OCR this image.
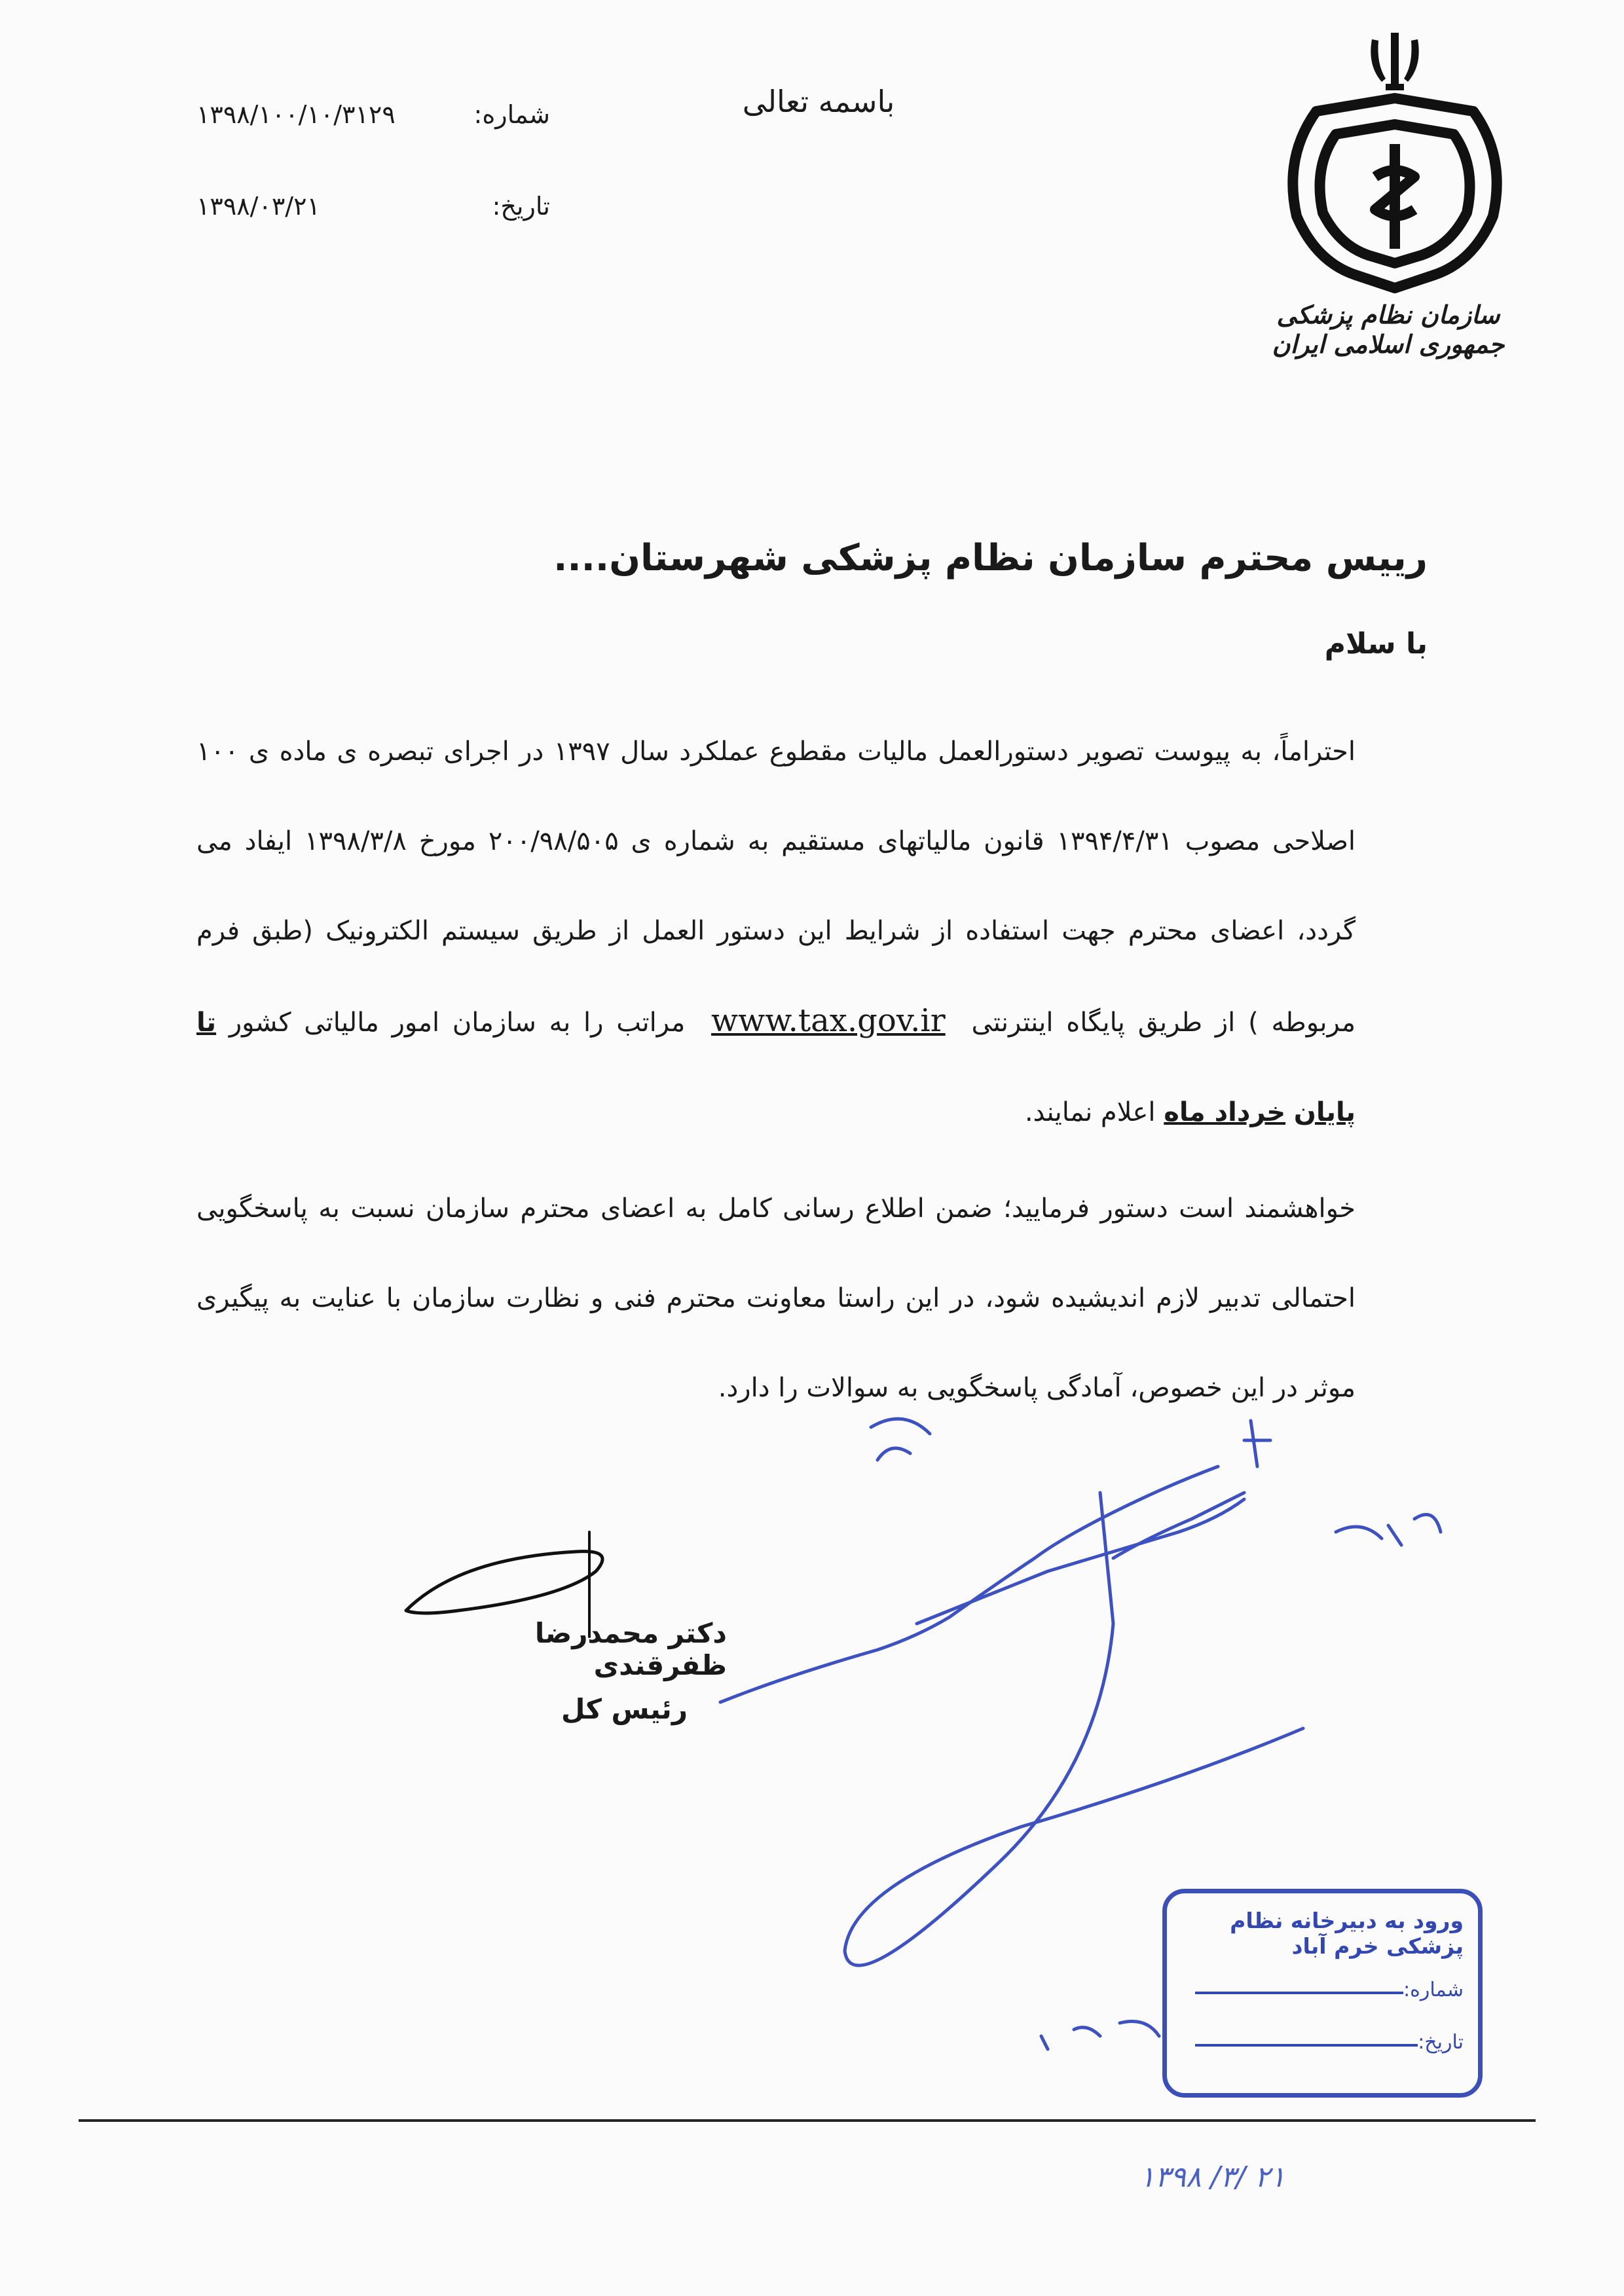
باسمه تعالی
۱۳۹۸/۱۰۰/۱۰/۳۱۲۹	شماره:
۱۳۹۸/۰۳/۲۱	تاریخ:
سازمان نظام پزشکی جمهوری اسلامی ایران
رییس محترم سازمان نظام پزشکی شهرستان....
با سلام

احتراماً، به پیوست تصویر دستورالعمل مالیات مقطوع عملکرد سال ۱۳۹۷ در اجرای تبصره ی ماده ی ۱۰۰ اصلاحی مصوب ۱۳۹۴/۴/۳۱ قانون مالیاتهای مستقیم به شماره ی ۲۰۰/۹۸/۵۰۵ مورخ ۱۳۹۸/۳/۸ ایفاد می گردد، اعضای محترم جهت استفاده از شرایط این دستور العمل از طریق سیستم الکترونیک (طبق فرم مربوطه ) از طریق پایگاه اینترنتی www.tax.gov.ir مراتب را به سازمان امور مالیاتی کشور تا پایان خرداد ماه اعلام نمایند.

خواهشمند است دستور فرمایید؛ ضمن اطلاع رسانی کامل به اعضای محترم سازمان نسبت به پاسخگویی احتمالی تدبیر لازم اندیشیده شود، در این راستا معاونت محترم فنی و نظارت سازمان با عنایت به پیگیری موثر در این خصوص، آمادگی پاسخگویی به سوالات را دارد.

دکتر محمدرضا ظفرقندی
رئیس کل
ورود به دبیرخانه نظام پزشکی خرم آباد
شماره:
تاریخ:
۱۳۹۸ /۳/ ۲۱
